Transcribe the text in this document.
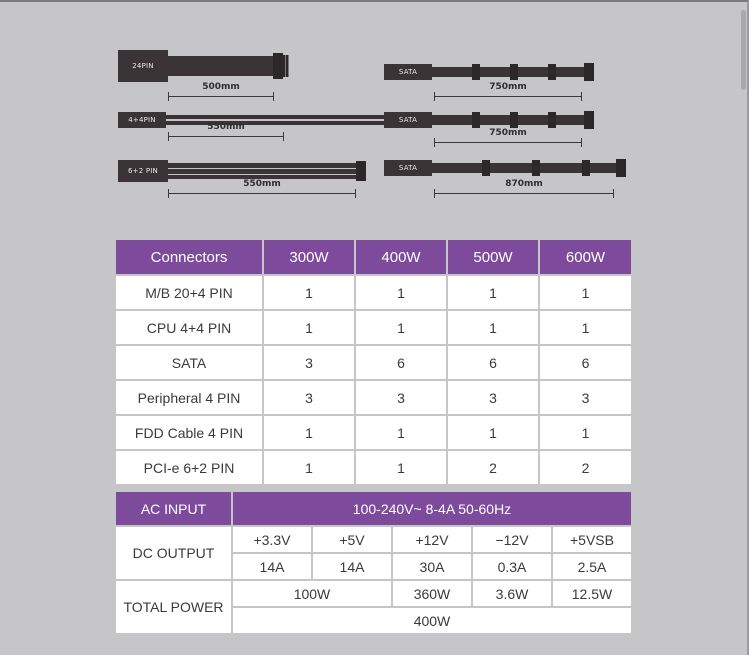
24PIN
500mm
4+4PIN
550mm
6+2 PIN
550mm
SATA
750mm
SATA
750mm
SATA
870mm
Connectors	300W	400W	500W	600W
M/B 20+4 PIN	1	1	1	1
CPU 4+4 PIN	1	1	1	1
SATA	3	6	6	6
Peripheral 4 PIN	3	3	3	3
FDD Cable 4 PIN	1	1	1	1
PCI-e 6+2 PIN	1	1	2	2
AC INPUT	100-240V~ 8-4A 50-60Hz				
DC OUTPUT	+3.3V	+5V	+12V	−12V	+5VSB
	14A	14A	30A	0.3A	2.5A
TOTAL POWER	100W		360W	3.6W	12.5W
	400W				
